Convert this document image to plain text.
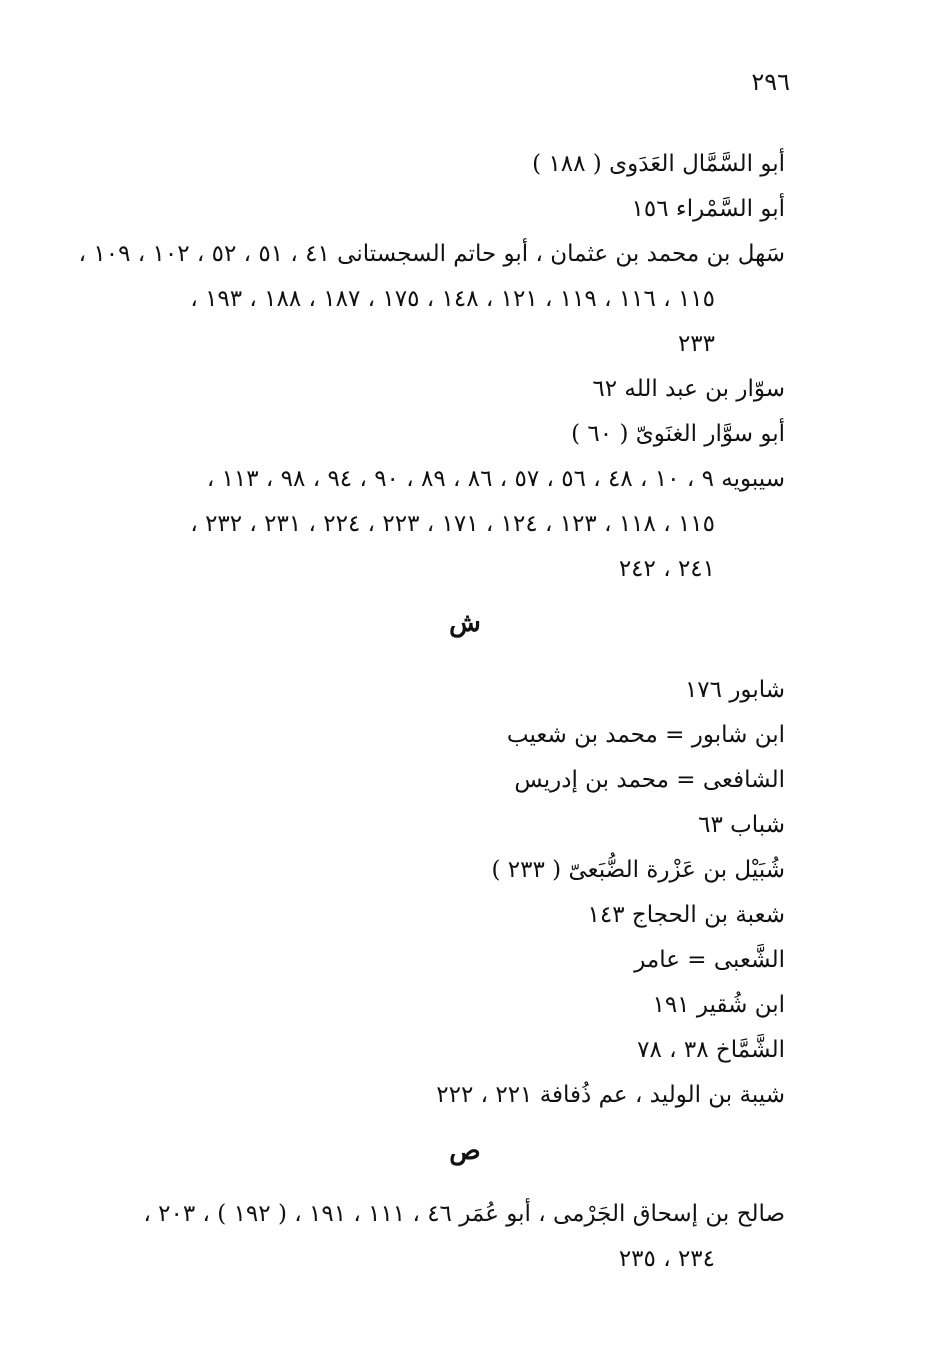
٢٩٦
أبو السَّمَّال العَدَوى ( ١٨٨ )
أبو السَّمْراء ١٥٦
سَهل بن محمد بن عثمان ، أبو حاتم السجستانى ٤١ ، ٥١ ، ٥٢ ، ١٠٢ ، ١٠٩ ،
١١٥ ، ١١٦ ، ١١٩ ، ١٢١ ، ١٤٨ ، ١٧٥ ، ١٨٧ ، ١٨٨ ، ١٩٣ ،
٢٣٣
سوّار بن عبد الله ٦٢
أبو سوَّار الغنَوىّ ( ٦٠ )
سيبويه ٩ ، ١٠ ، ٤٨ ، ٥٦ ، ٥٧ ، ٨٦ ، ٨٩ ، ٩٠ ، ٩٤ ، ٩٨ ، ١١٣ ،
١١٥ ، ١١٨ ، ١٢٣ ، ١٢٤ ، ١٧١ ، ٢٢٣ ، ٢٢٤ ، ٢٣١ ، ٢٣٢ ،
٢٤١ ، ٢٤٢
ش
شابور ١٧٦
ابن شابور = محمد بن شعيب
الشافعى = محمد بن إدريس
شباب ٦٣
شُبَيْل بن عَزْرة الضُّبَعىّ ( ٢٣٣ )
شعبة بن الحجاج ١٤٣
الشَّعبى = عامر
ابن شُقير ١٩١
الشَّمَّاخ ٣٨ ، ٧٨
شيبة بن الوليد ، عم ذُفافة ٢٢١ ، ٢٢٢
ص
صالح بن إسحاق الجَرْمى ، أبو عُمَر ٤٦ ، ١١١ ، ١٩١ ، ( ١٩٢ ) ، ٢٠٣ ،
٢٣٤ ، ٢٣٥
